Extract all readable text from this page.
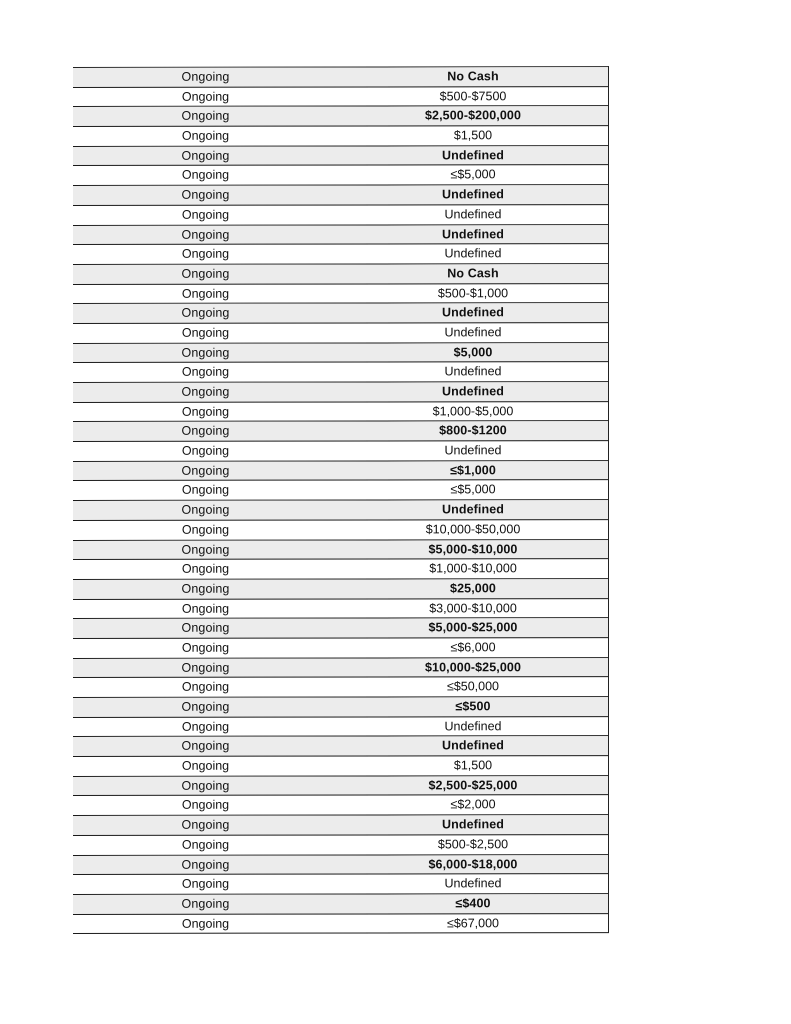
Ongoing	No Cash
Ongoing	$500-$7500
Ongoing	$2,500-$200,000
Ongoing	$1,500
Ongoing	Undefined
Ongoing	≤$5,000
Ongoing	Undefined
Ongoing	Undefined
Ongoing	Undefined
Ongoing	Undefined
Ongoing	No Cash
Ongoing	$500-$1,000
Ongoing	Undefined
Ongoing	Undefined
Ongoing	$5,000
Ongoing	Undefined
Ongoing	Undefined
Ongoing	$1,000-$5,000
Ongoing	$800-$1200
Ongoing	Undefined
Ongoing	≤$1,000
Ongoing	≤$5,000
Ongoing	Undefined
Ongoing	$10,000-$50,000
Ongoing	$5,000-$10,000
Ongoing	$1,000-$10,000
Ongoing	$25,000
Ongoing	$3,000-$10,000
Ongoing	$5,000-$25,000
Ongoing	≤$6,000
Ongoing	$10,000-$25,000
Ongoing	≤$50,000
Ongoing	≤$500
Ongoing	Undefined
Ongoing	Undefined
Ongoing	$1,500
Ongoing	$2,500-$25,000
Ongoing	≤$2,000
Ongoing	Undefined
Ongoing	$500-$2,500
Ongoing	$6,000-$18,000
Ongoing	Undefined
Ongoing	≤$400
Ongoing	≤$67,000
